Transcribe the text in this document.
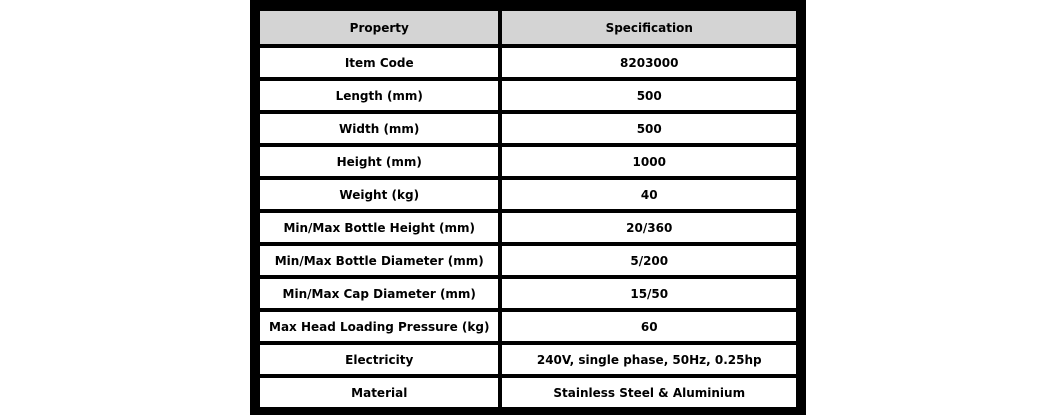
Property	Specification
Item Code	8203000
Length (mm)	500
Width (mm)	500
Height (mm)	1000
Weight (kg)	40
Min/Max Bottle Height (mm)	20/360
Min/Max Bottle Diameter (mm)	5/200
Min/Max Cap Diameter (mm)	15/50
Max Head Loading Pressure (kg)	60
Electricity	240V, single phase, 50Hz, 0.25hp
Material	Stainless Steel & Aluminium
